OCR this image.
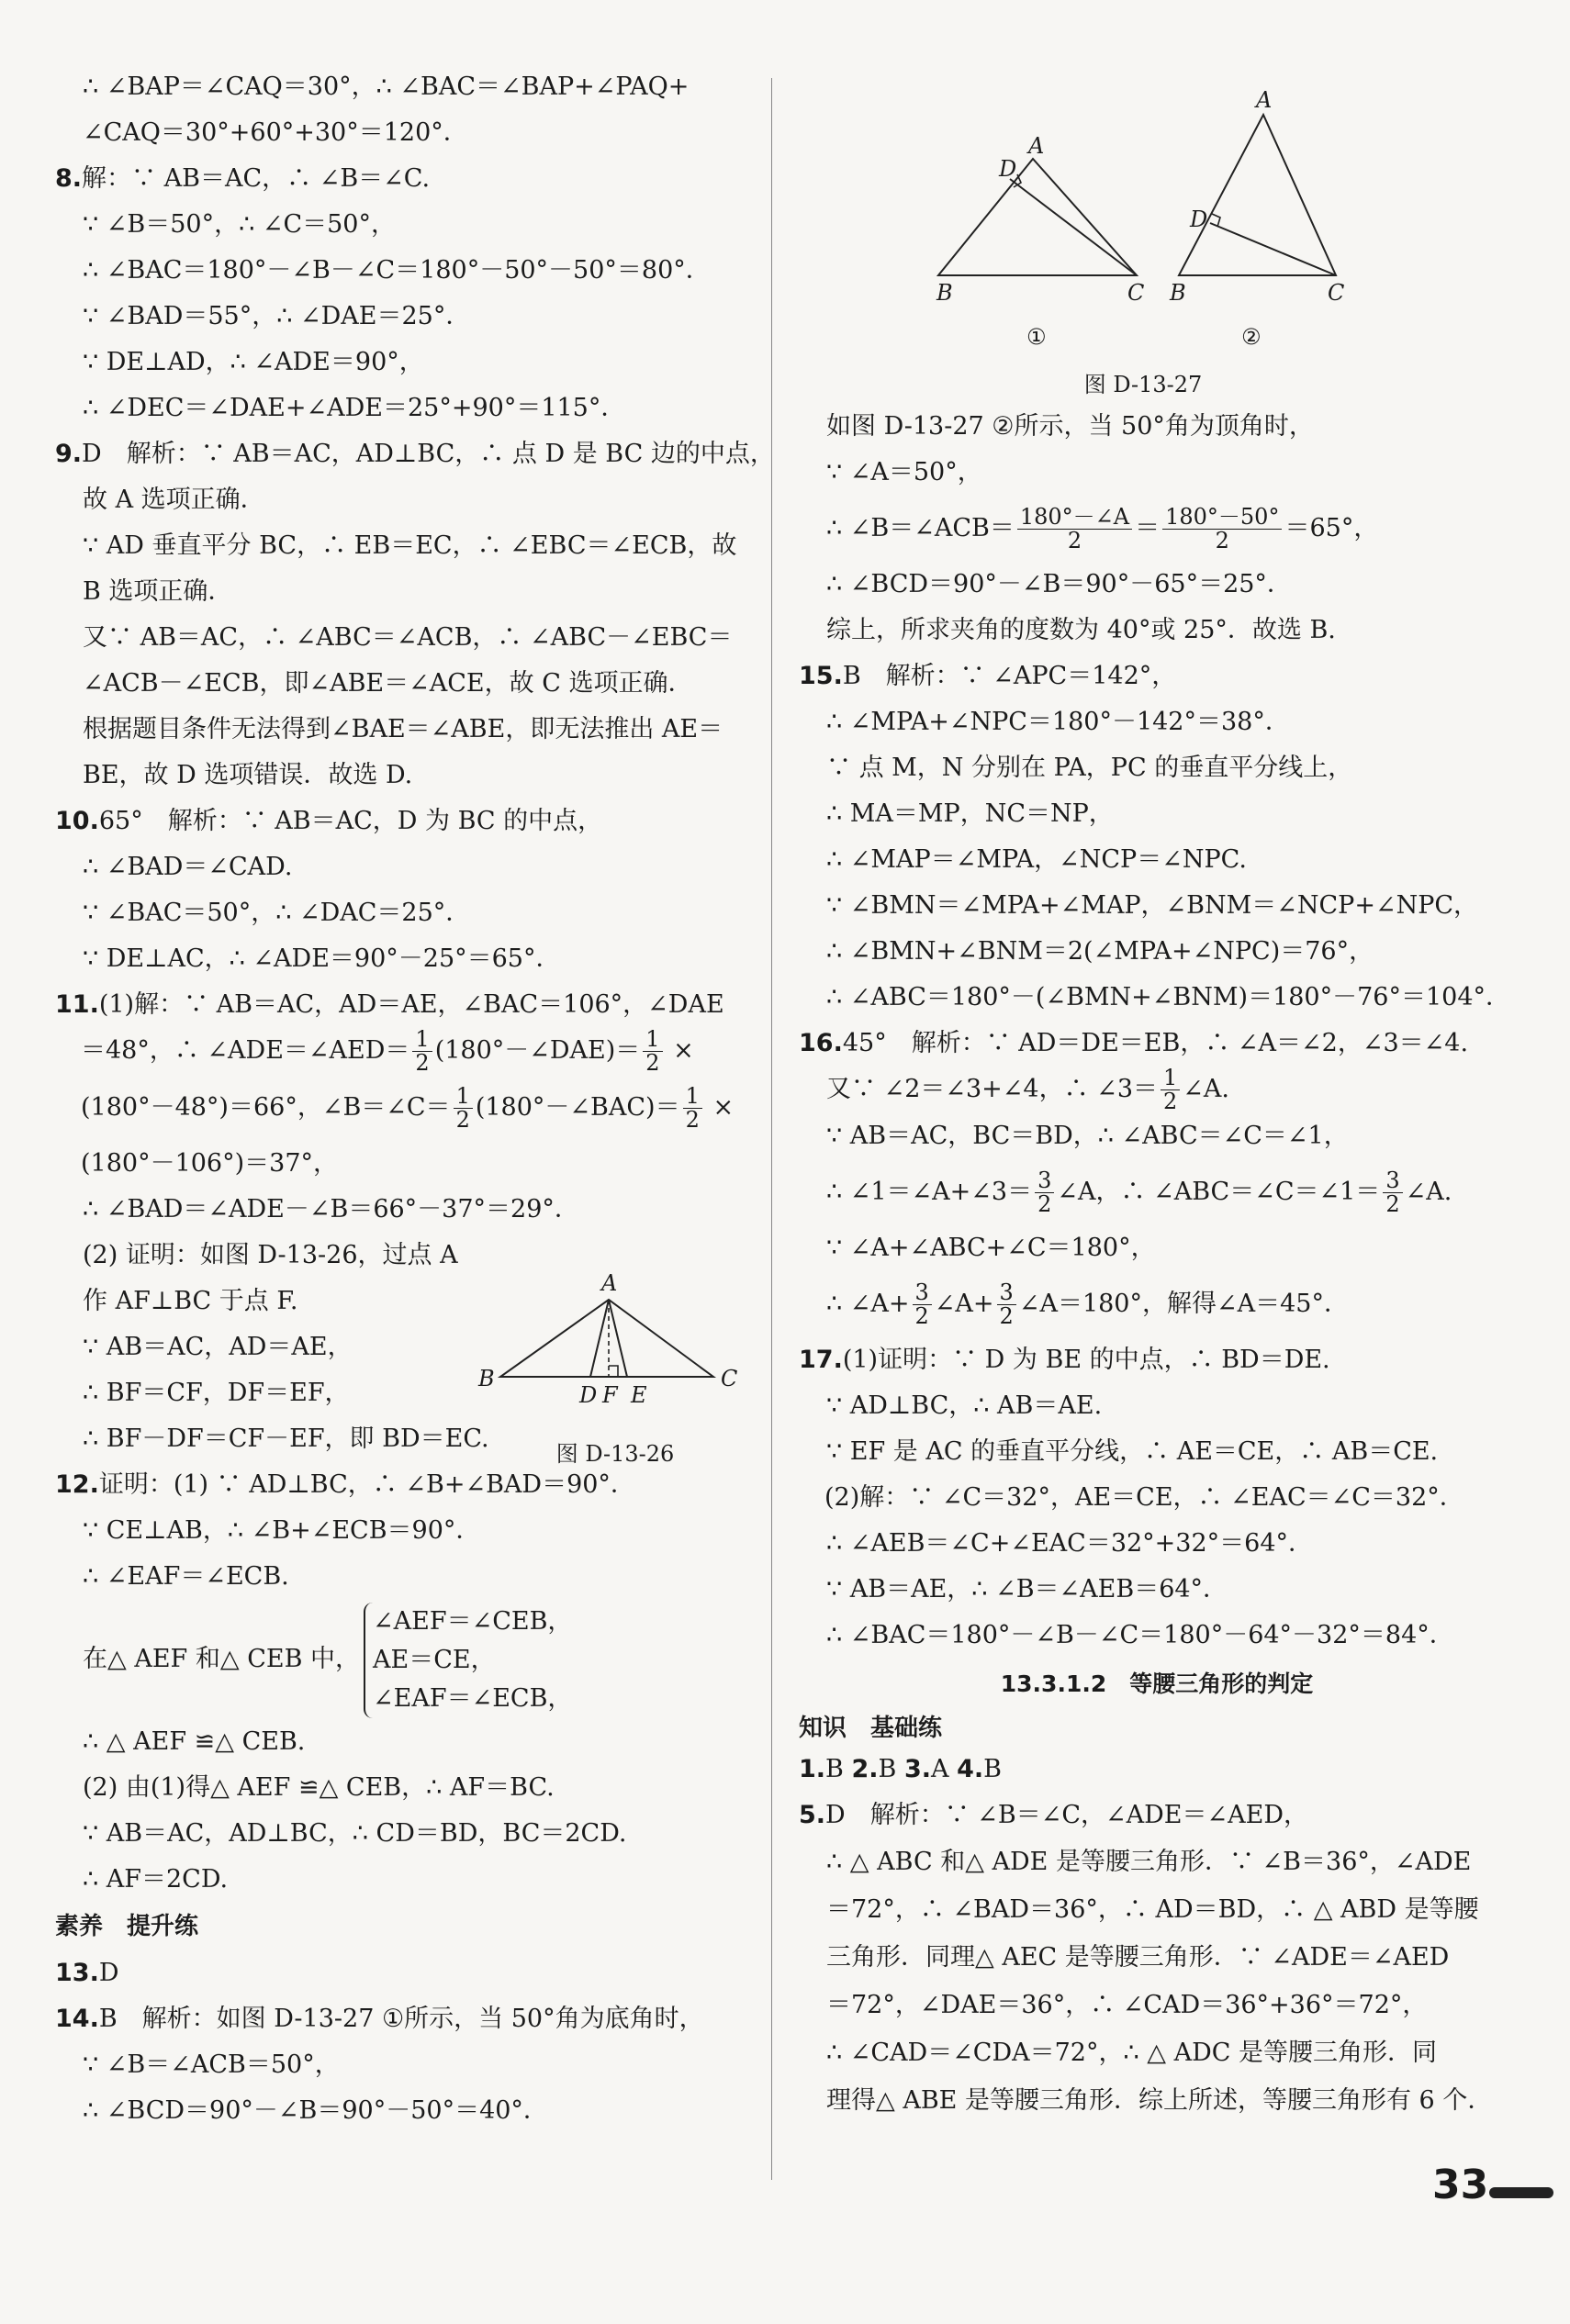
∴ ∠BAP＝∠CAQ＝30°，∴ ∠BAC＝∠BAP+∠PAQ+
∠CAQ＝30°+60°+30°＝120°．
8.解：∵ AB＝AC，∴ ∠B＝∠C.
∵ ∠B＝50°，∴ ∠C＝50°，
∴ ∠BAC＝180°－∠B－∠C＝180°－50°－50°＝80°．
∵ ∠BAD＝55°，∴ ∠DAE＝25°．
∵ DE⊥AD，∴ ∠ADE＝90°，
∴ ∠DEC＝∠DAE+∠ADE＝25°+90°＝115°．
9.D　解析：∵ AB＝AC，AD⊥BC，∴ 点 D 是 BC 边的中点，
故 A 选项正确．
∵ AD 垂直平分 BC，∴ EB＝EC，∴ ∠EBC＝∠ECB，故
B 选项正确．
又∵ AB＝AC，∴ ∠ABC＝∠ACB，∴ ∠ABC－∠EBC＝
∠ACB－∠ECB，即∠ABE＝∠ACE，故 C 选项正确．
根据题目条件无法得到∠BAE＝∠ABE，即无法推出 AE＝
BE，故 D 选项错误．故选 D.
10.65°　解析：∵ AB＝AC，D 为 BC 的中点，
∴ ∠BAD＝∠CAD.
∵ ∠BAC＝50°，∴ ∠DAC＝25°．
∵ DE⊥AC，∴ ∠ADE＝90°－25°＝65°．
11.(1)解：∵ AB＝AC，AD＝AE，∠BAC＝106°，∠DAE
＝48°，∴ ∠ADE＝∠AED＝ $\frac{1}{2}$ (180°－∠DAE)＝ $\frac{1}{2}$ ×
(180°－48°)＝66°，∠B＝∠C＝ $\frac{1}{2}$ (180°－∠BAC)＝ $\frac{1}{2}$ ×
(180°－106°)＝37°，
∴ ∠BAD＝∠ADE－∠B＝66°－37°＝29°．
(2) 证明：如图 D-13-26，过点 A
作 AF⊥BC 于点 F.
∵ AB＝AC，AD＝AE，
∴ BF＝CF，DF＝EF，
∴ BF－DF＝CF－EF，即 BD＝EC.
12.证明：(1) ∵ AD⊥BC，∴ ∠B+∠BAD＝90°．
∵ CE⊥AB，∴ ∠B+∠ECB＝90°．
∴ ∠EAF＝∠ECB.
在△ AEF 和△ CEB 中，
∠AEF＝∠CEB，
AE＝CE，
∠EAF＝∠ECB，
∴ △ AEF ≌△ CEB.
(2) 由(1)得△ AEF ≌△ CEB，∴ AF＝BC.
∵ AB＝AC，AD⊥BC，∴ CD＝BD，BC＝2CD.
∴ AF＝2CD.
素养　提升练
13.D
14.B　解析：如图 D-13-27 ①所示，当 50°角为底角时，
∵ ∠B＝∠ACB＝50°，
∴ ∠BCD＝90°－∠B＝90°－50°＝40°．
A
B	C
D F E
图 D-13-26
A
D
B	C
A
D
B	C
①	②
图 D-13-27
如图 D-13-27 ②所示，当 50°角为顶角时，
∵ ∠A＝50°，
∴ ∠B＝∠ACB＝ $\frac{180^\circ-\angle A}{2} = \frac{180^\circ-50^\circ}{2} =65^\circ$，
∴ ∠BCD＝90°－∠B＝90°－65°＝25°．
综上，所求夹角的度数为 40°或 25°．故选 B.
15.B　解析：∵ ∠APC＝142°，
∴ ∠MPA+∠NPC＝180°－142°＝38°．
∵ 点 M，N 分别在 PA，PC 的垂直平分线上，
∴ MA＝MP，NC＝NP，
∴ ∠MAP＝∠MPA，∠NCP＝∠NPC.
∵ ∠BMN＝∠MPA+∠MAP，∠BNM＝∠NCP+∠NPC，
∴ ∠BMN+∠BNM＝2(∠MPA+∠NPC)＝76°，
∴ ∠ABC＝180°－(∠BMN+∠BNM)＝180°－76°＝104°．
16.45°　解析：∵ AD＝DE＝EB，∴ ∠A＝∠2，∠3＝∠4.
又∵ ∠2＝∠3+∠4，∴ ∠3＝ $\frac{1}{2}$ ∠A.
∵ AB＝AC，BC＝BD，∴ ∠ABC＝∠C＝∠1，
∴ ∠1＝∠A+∠3＝ $\frac{3}{2}$ ∠A，∴ ∠ABC＝∠C＝∠1＝ $\frac{3}{2}$ ∠A.
∵ ∠A+∠ABC+∠C＝180°，
∴ ∠A+ $\frac{3}{2}$ ∠A+ $\frac{3}{2}$ ∠A＝180°，解得∠A＝45°．
17.(1)证明：∵ D 为 BE 的中点，∴ BD＝DE.
∵ AD⊥BC，∴ AB＝AE.
∵ EF 是 AC 的垂直平分线，∴ AE＝CE，∴ AB＝CE.
(2)解：∵ ∠C＝32°，AE＝CE，∴ ∠EAC＝∠C＝32°．
∴ ∠AEB＝∠C+∠EAC＝32°+32°＝64°．
∵ AB＝AE，∴ ∠B＝∠AEB＝64°．
∴ ∠BAC＝180°－∠B－∠C＝180°－64°－32°＝84°．
13.3.1.2　等腰三角形的判定
知识　基础练
1.B 2.B 3.A 4.B
5.D　解析：∵ ∠B＝∠C，∠ADE＝∠AED，
∴ △ ABC 和△ ADE 是等腰三角形．∵ ∠B＝36°，∠ADE
＝72°，∴ ∠BAD＝36°，∴ AD＝BD，∴ △ ABD 是等腰
三角形．同理△ AEC 是等腰三角形．∵ ∠ADE＝∠AED
＝72°，∠DAE＝36°，∴ ∠CAD＝36°+36°＝72°，
∴ ∠CAD＝∠CDA＝72°，∴ △ ADC 是等腰三角形．同
理得△ ABE 是等腰三角形．综上所述，等腰三角形有 6 个．
33
